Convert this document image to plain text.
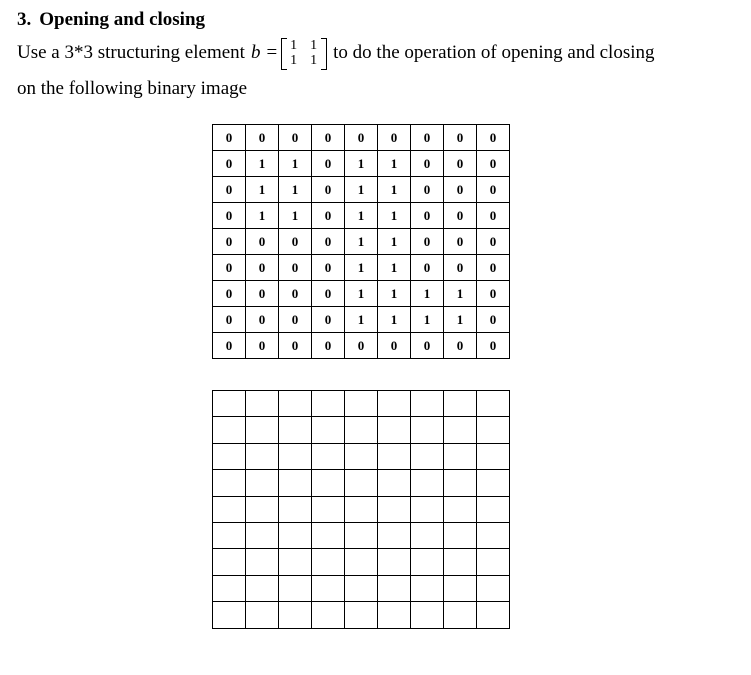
3. Opening and closing
Use a 3*3 structuring element b = 1 1
1 1 to do the operation of opening and closing
on the following binary image
0	0	0	0	0	0	0	0	0
0	1	1	0	1	1	0	0	0
0	1	1	0	1	1	0	0	0
0	1	1	0	1	1	0	0	0
0	0	0	0	1	1	0	0	0
0	0	0	0	1	1	0	0	0
0	0	0	0	1	1	1	1	0
0	0	0	0	1	1	1	1	0
0	0	0	0	0	0	0	0	0
